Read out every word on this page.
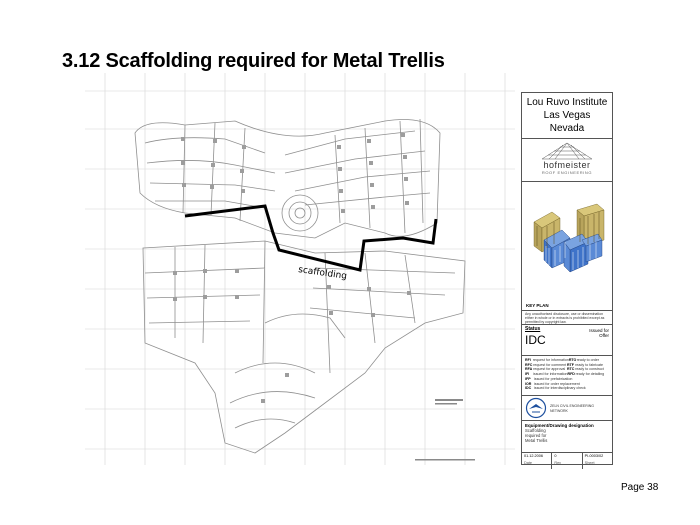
3.12 Scaffolding required for Metal Trellis
scaffolding
Lou Ruvo Institute
Las Vegas
Nevada
hofmeister
ROOF ENGINEERING
KEY PLAN
Any unauthorised disclosure, use or dissemination either in whole or in extracts is prohibited except as permitted by copyright law.
Status
IDC
Issued for Offer
RFI request for information RTO ready to order
RFC request for comment RTF ready to fabricate
RFA request for approval RTC ready to construct
IFI	issued for information RFD ready for detailing
IFP issued for prefabrication
IOR issued for order replacement
IDC issued for interdisciplinary check
ZELN CIVIL ENGINEERING NETWORK
Equipment/Drawing designation
Scaffolding
required for
Metal Trellis
01.12.2006
Date
0
Rev
PI-0003/02
Sheet
Page 38
